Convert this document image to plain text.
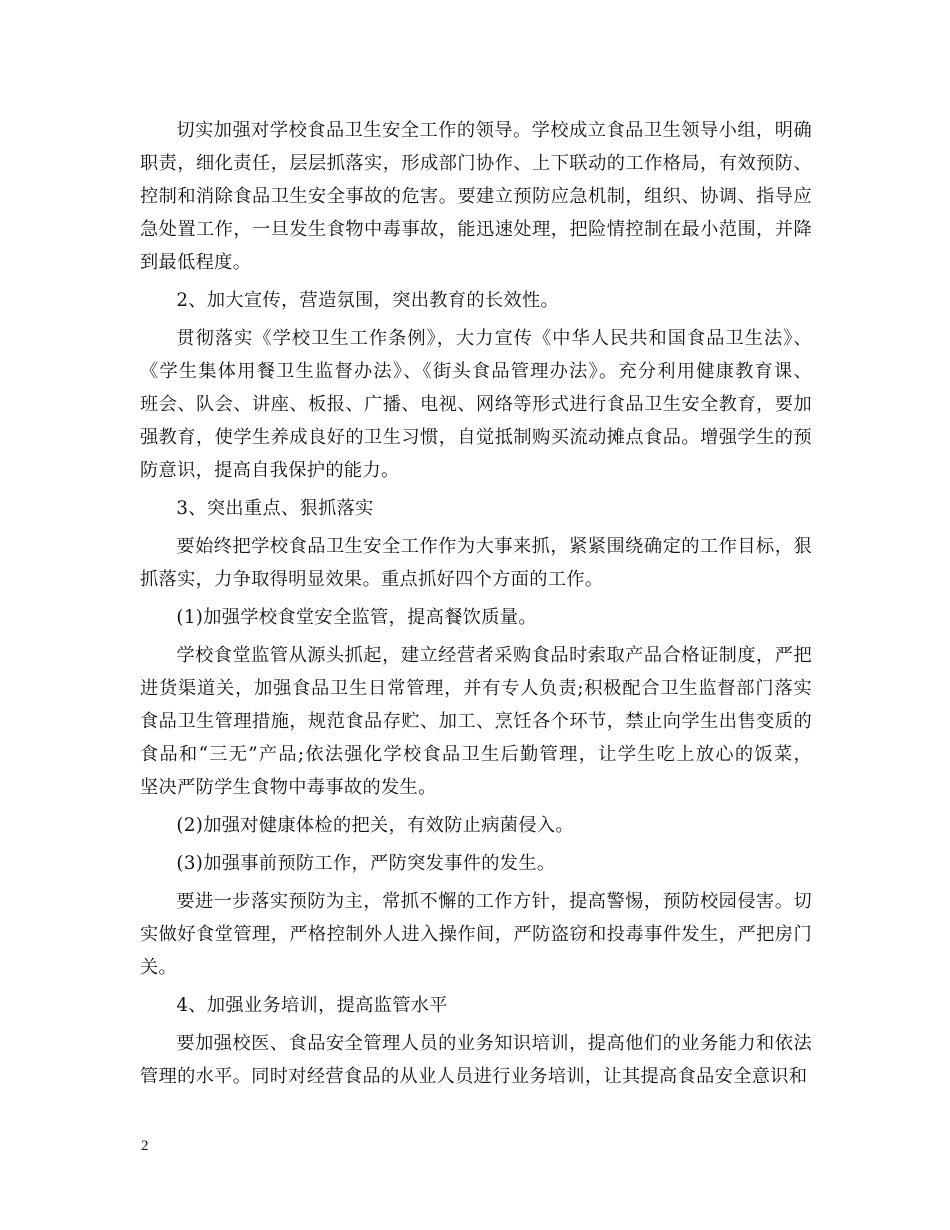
切实加强对学校食品卫生安全工作的领导。学校成立食品卫生领导小组，明确
职责，细化责任，层层抓落实，形成部门协作、上下联动的工作格局，有效预防、
控制和消除食品卫生安全事故的危害。要建立预防应急机制，组织、协调、指导应
急处置工作，一旦发生食物中毒事故，能迅速处理，把险情控制在最小范围，并降
到最低程度。

2、加大宣传，营造氛围，突出教育的长效性。

贯彻落实《学校卫生工作条例》，大力宣传《中华人民共和国食品卫生法》、
《学生集体用餐卫生监督办法》、《街头食品管理办法》。充分利用健康教育课、
班会、队会、讲座、板报、广播、电视、网络等形式进行食品卫生安全教育，要加
强教育，使学生养成良好的卫生习惯，自觉抵制购买流动摊点食品。增强学生的预
防意识，提高自我保护的能力。

3、突出重点、狠抓落实

要始终把学校食品卫生安全工作作为大事来抓，紧紧围绕确定的工作目标，狠
抓落实，力争取得明显效果。重点抓好四个方面的工作。

(1)加强学校食堂安全监管，提高餐饮质量。

学校食堂监管从源头抓起，建立经营者采购食品时索取产品合格证制度，严把
进货渠道关，加强食品卫生日常管理，并有专人负责;积极配合卫生监督部门落实
食品卫生管理措施，规范食品存贮、加工、烹饪各个环节，禁止向学生出售变质的
食品和“三无”产品;依法强化学校食品卫生后勤管理，让学生吃上放心的饭菜，
坚决严防学生食物中毒事故的发生。

(2)加强对健康体检的把关，有效防止病菌侵入。

(3)加强事前预防工作，严防突发事件的发生。

要进一步落实预防为主，常抓不懈的工作方针，提高警惕，预防校园侵害。切
实做好食堂管理，严格控制外人进入操作间，严防盗窃和投毒事件发生，严把房门
关。

4、加强业务培训，提高监管水平

要加强校医、食品安全管理人员的业务知识培训，提高他们的业务能力和依法
管理的水平。同时对经营食品的从业人员进行业务培训，让其提高食品安全意识和

2
